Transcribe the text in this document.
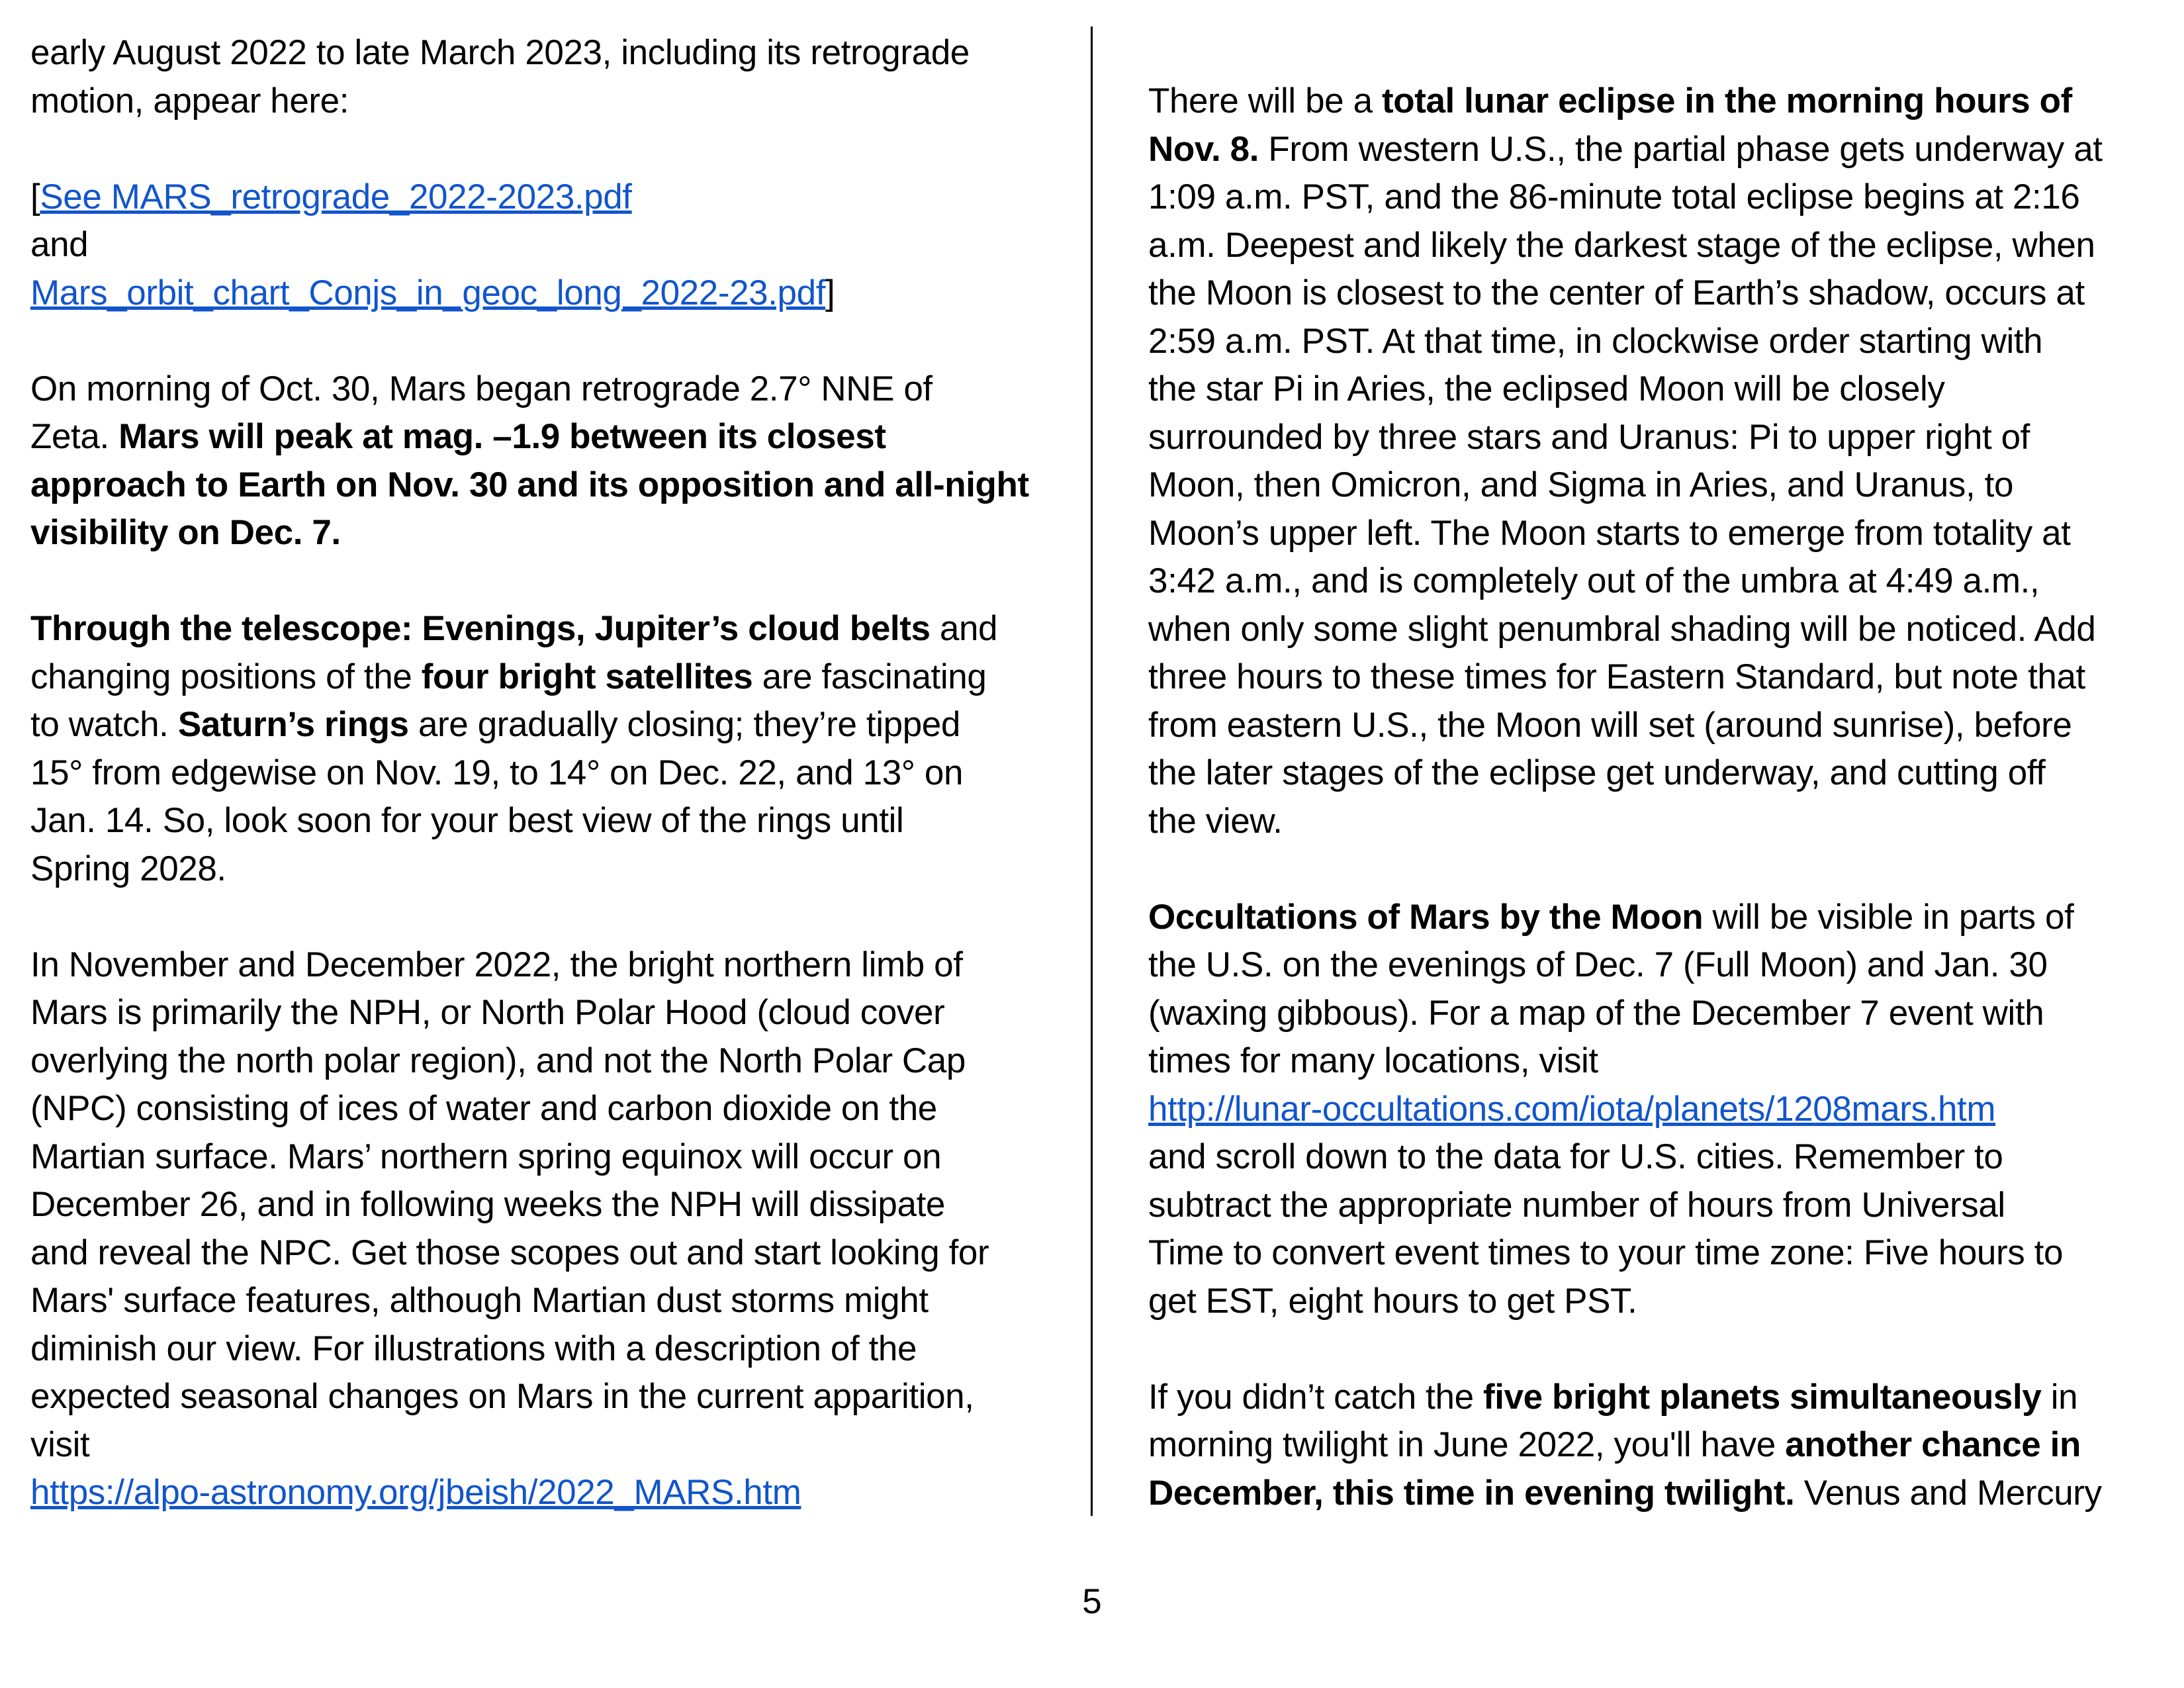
early August 2022 to late March 2023, including its retrograde
motion, appear here:
[See MARS_retrograde_2022-2023.pdf
and
Mars_orbit_chart_Conjs_in_geoc_long_2022-23.pdf]
On morning of Oct. 30, Mars began retrograde 2.7° NNE of
Zeta. Mars will peak at mag. –1.9 between its closest
approach to Earth on Nov. 30 and its opposition and all-night
visibility on Dec. 7.
Through the telescope: Evenings, Jupiter’s cloud belts and
changing positions of the four bright satellites are fascinating
to watch. Saturn’s rings are gradually closing; they’re tipped
15° from edgewise on Nov. 19, to 14° on Dec. 22, and 13° on
Jan. 14. So, look soon for your best view of the rings until
Spring 2028.
In November and December 2022, the bright northern limb of
Mars is primarily the NPH, or North Polar Hood (cloud cover
overlying the north polar region), and not the North Polar Cap
(NPC) consisting of ices of water and carbon dioxide on the
Martian surface. Mars’ northern spring equinox will occur on
December 26, and in following weeks the NPH will dissipate
and reveal the NPC. Get those scopes out and start looking for
Mars' surface features, although Martian dust storms might
diminish our view. For illustrations with a description of the
expected seasonal changes on Mars in the current apparition,
visit
https://alpo-astronomy.org/jbeish/2022_MARS.htm
There will be a total lunar eclipse in the morning hours of
Nov. 8. From western U.S., the partial phase gets underway at
1:09 a.m. PST, and the 86-minute total eclipse begins at 2:16
a.m. Deepest and likely the darkest stage of the eclipse, when
the Moon is closest to the center of Earth’s shadow, occurs at
2:59 a.m. PST. At that time, in clockwise order starting with
the star Pi in Aries, the eclipsed Moon will be closely
surrounded by three stars and Uranus: Pi to upper right of
Moon, then Omicron, and Sigma in Aries, and Uranus, to
Moon’s upper left. The Moon starts to emerge from totality at
3:42 a.m., and is completely out of the umbra at 4:49 a.m.,
when only some slight penumbral shading will be noticed. Add
three hours to these times for Eastern Standard, but note that
from eastern U.S., the Moon will set (around sunrise), before
the later stages of the eclipse get underway, and cutting off
the view.
Occultations of Mars by the Moon will be visible in parts of
the U.S. on the evenings of Dec. 7 (Full Moon) and Jan. 30
(waxing gibbous). For a map of the December 7 event with
times for many locations, visit
http://lunar-occultations.com/iota/planets/1208mars.htm
and scroll down to the data for U.S. cities. Remember to
subtract the appropriate number of hours from Universal
Time to convert event times to your time zone: Five hours to
get EST, eight hours to get PST.
If you didn’t catch the five bright planets simultaneously in
morning twilight in June 2022, you'll have another chance in
December, this time in evening twilight. Venus and Mercury
5
